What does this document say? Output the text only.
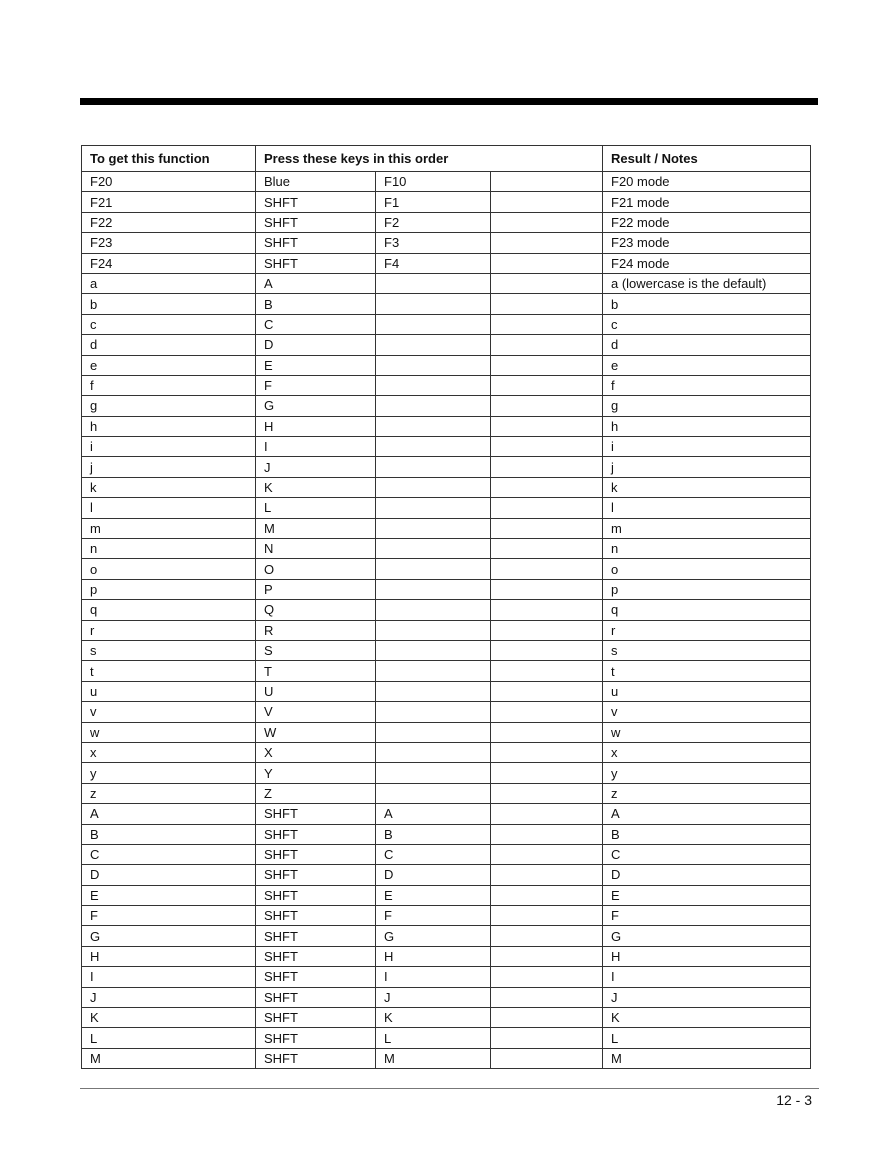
To get this function	Press these keys in this order			Result / Notes
F20	Blue	F10		F20 mode
F21	SHFT	F1		F21 mode
F22	SHFT	F2		F22 mode
F23	SHFT	F3		F23 mode
F24	SHFT	F4		F24 mode
a	A			a (lowercase is the default)
b	B			b
c	C			c
d	D			d
e	E			e
f	F			f
g	G			g
h	H			h
i	I			i
j	J			j
k	K			k
l	L			l
m	M			m
n	N			n
o	O			o
p	P			p
q	Q			q
r	R			r
s	S			s
t	T			t
u	U			u
v	V			v
w	W			w
x	X			x
y	Y			y
z	Z			z
A	SHFT	A		A
B	SHFT	B		B
C	SHFT	C		C
D	SHFT	D		D
E	SHFT	E		E
F	SHFT	F		F
G	SHFT	G		G
H	SHFT	H		H
I	SHFT	I		I
J	SHFT	J		J
K	SHFT	K		K
L	SHFT	L		L
M	SHFT	M		M
12 - 3
